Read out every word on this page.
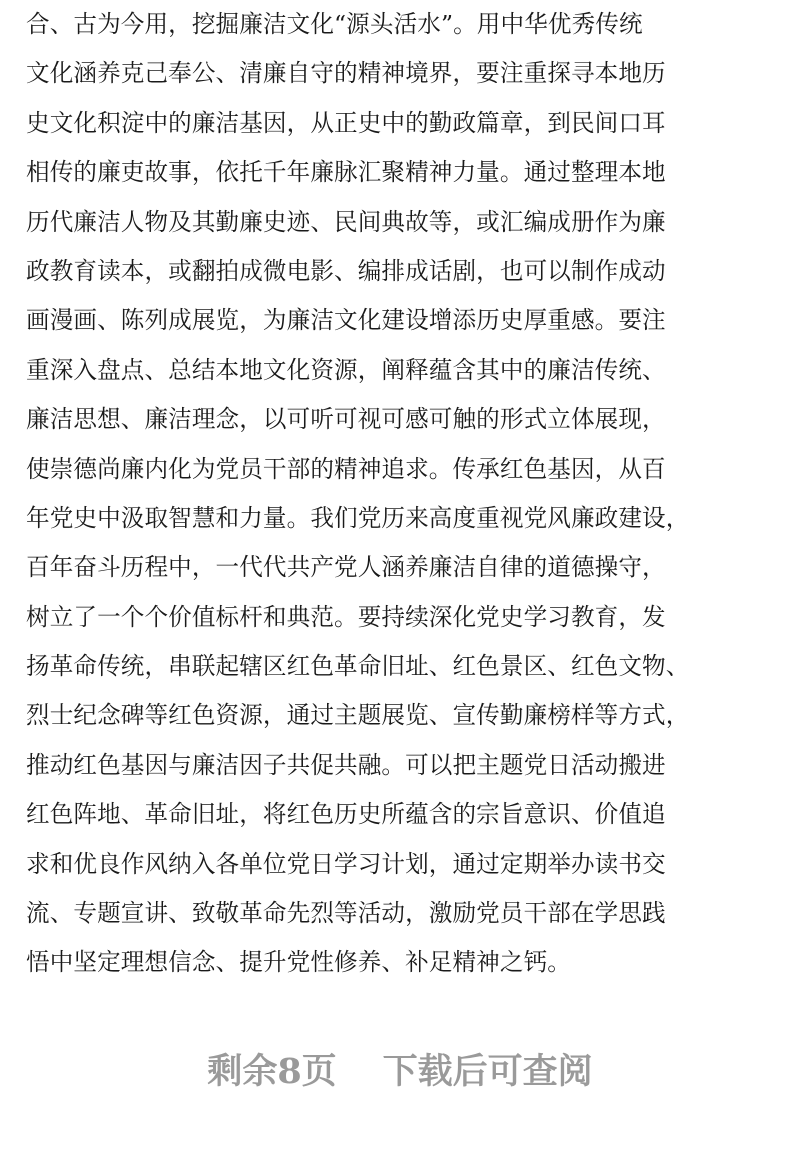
合、古为今用，挖掘廉洁文化“源头活水”。用中华优秀传统
文化涵养克己奉公、清廉自守的精神境界，要注重探寻本地历
史文化积淀中的廉洁基因，从正史中的勤政篇章，到民间口耳
相传的廉吏故事，依托千年廉脉汇聚精神力量。通过整理本地
历代廉洁人物及其勤廉史迹、民间典故等，或汇编成册作为廉
政教育读本，或翻拍成微电影、编排成话剧，也可以制作成动
画漫画、陈列成展览，为廉洁文化建设增添历史厚重感。要注
重深入盘点、总结本地文化资源，阐释蕴含其中的廉洁传统、
廉洁思想、廉洁理念，以可听可视可感可触的形式立体展现，
使崇德尚廉内化为党员干部的精神追求。传承红色基因，从百
年党史中汲取智慧和力量。我们党历来高度重视党风廉政建设，
百年奋斗历程中，一代代共产党人涵养廉洁自律的道德操守，
树立了一个个价值标杆和典范。要持续深化党史学习教育，发
扬革命传统，串联起辖区红色革命旧址、红色景区、红色文物、
烈士纪念碑等红色资源，通过主题展览、宣传勤廉榜样等方式，
推动红色基因与廉洁因子共促共融。可以把主题党日活动搬进
红色阵地、革命旧址，将红色历史所蕴含的宗旨意识、价值追
求和优良作风纳入各单位党日学习计划，通过定期举办读书交
流、专题宣讲、致敬革命先烈等活动，激励党员干部在学思践
悟中坚定理想信念、提升党性修养、补足精神之钙。
剩余8页 下载后可查阅
